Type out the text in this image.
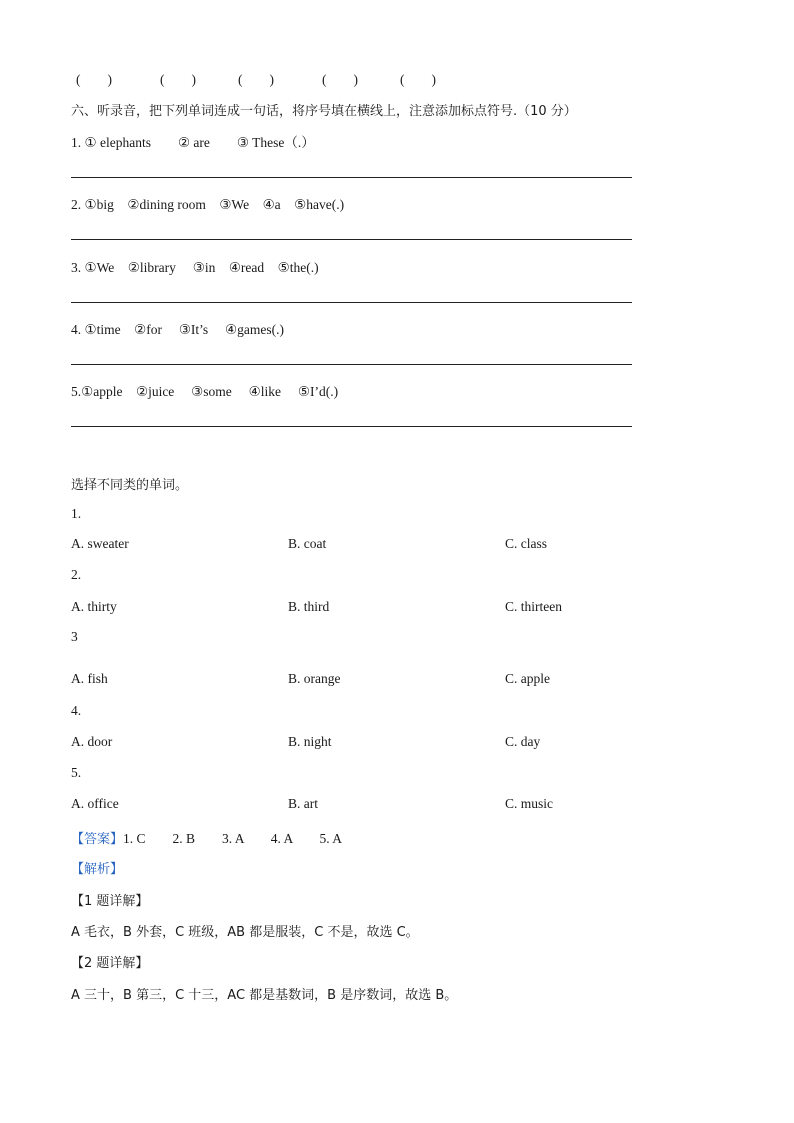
(　　)	(　　)	(　　)	(　　)	(　　)
六、听录音，把下列单词连成一句话，将序号填在横线上，注意添加标点符号.（10 分）
1. ① elephants　　② are　　③ These（.）
2. ①big　②dining room　③We　④a　⑤have(.)
3. ①We　②library　 ③in　④read　⑤the(.)
4. ①time　②for　 ③It’s　 ④games(.)
5.①apple　②juice　 ③some　 ④like　 ⑤I’d(.)
选择不同类的单词。
1.
A. sweater	B. coat	C. class
2.
A. thirty	B. third	C. thirteen
3
A. fish	B. orange	C. apple
4.
A. door	B. night	C. day
5.
A. office	B. art	C. music
【答案】1. C　　2. B　　3. A　　4. A　　5. A
【解析】
【1 题详解】
A 毛衣，B 外套，C 班级，AB 都是服装，C 不是，故选 C。
【2 题详解】
A 三十，B 第三，C 十三，AC 都是基数词，B 是序数词，故选 B。
